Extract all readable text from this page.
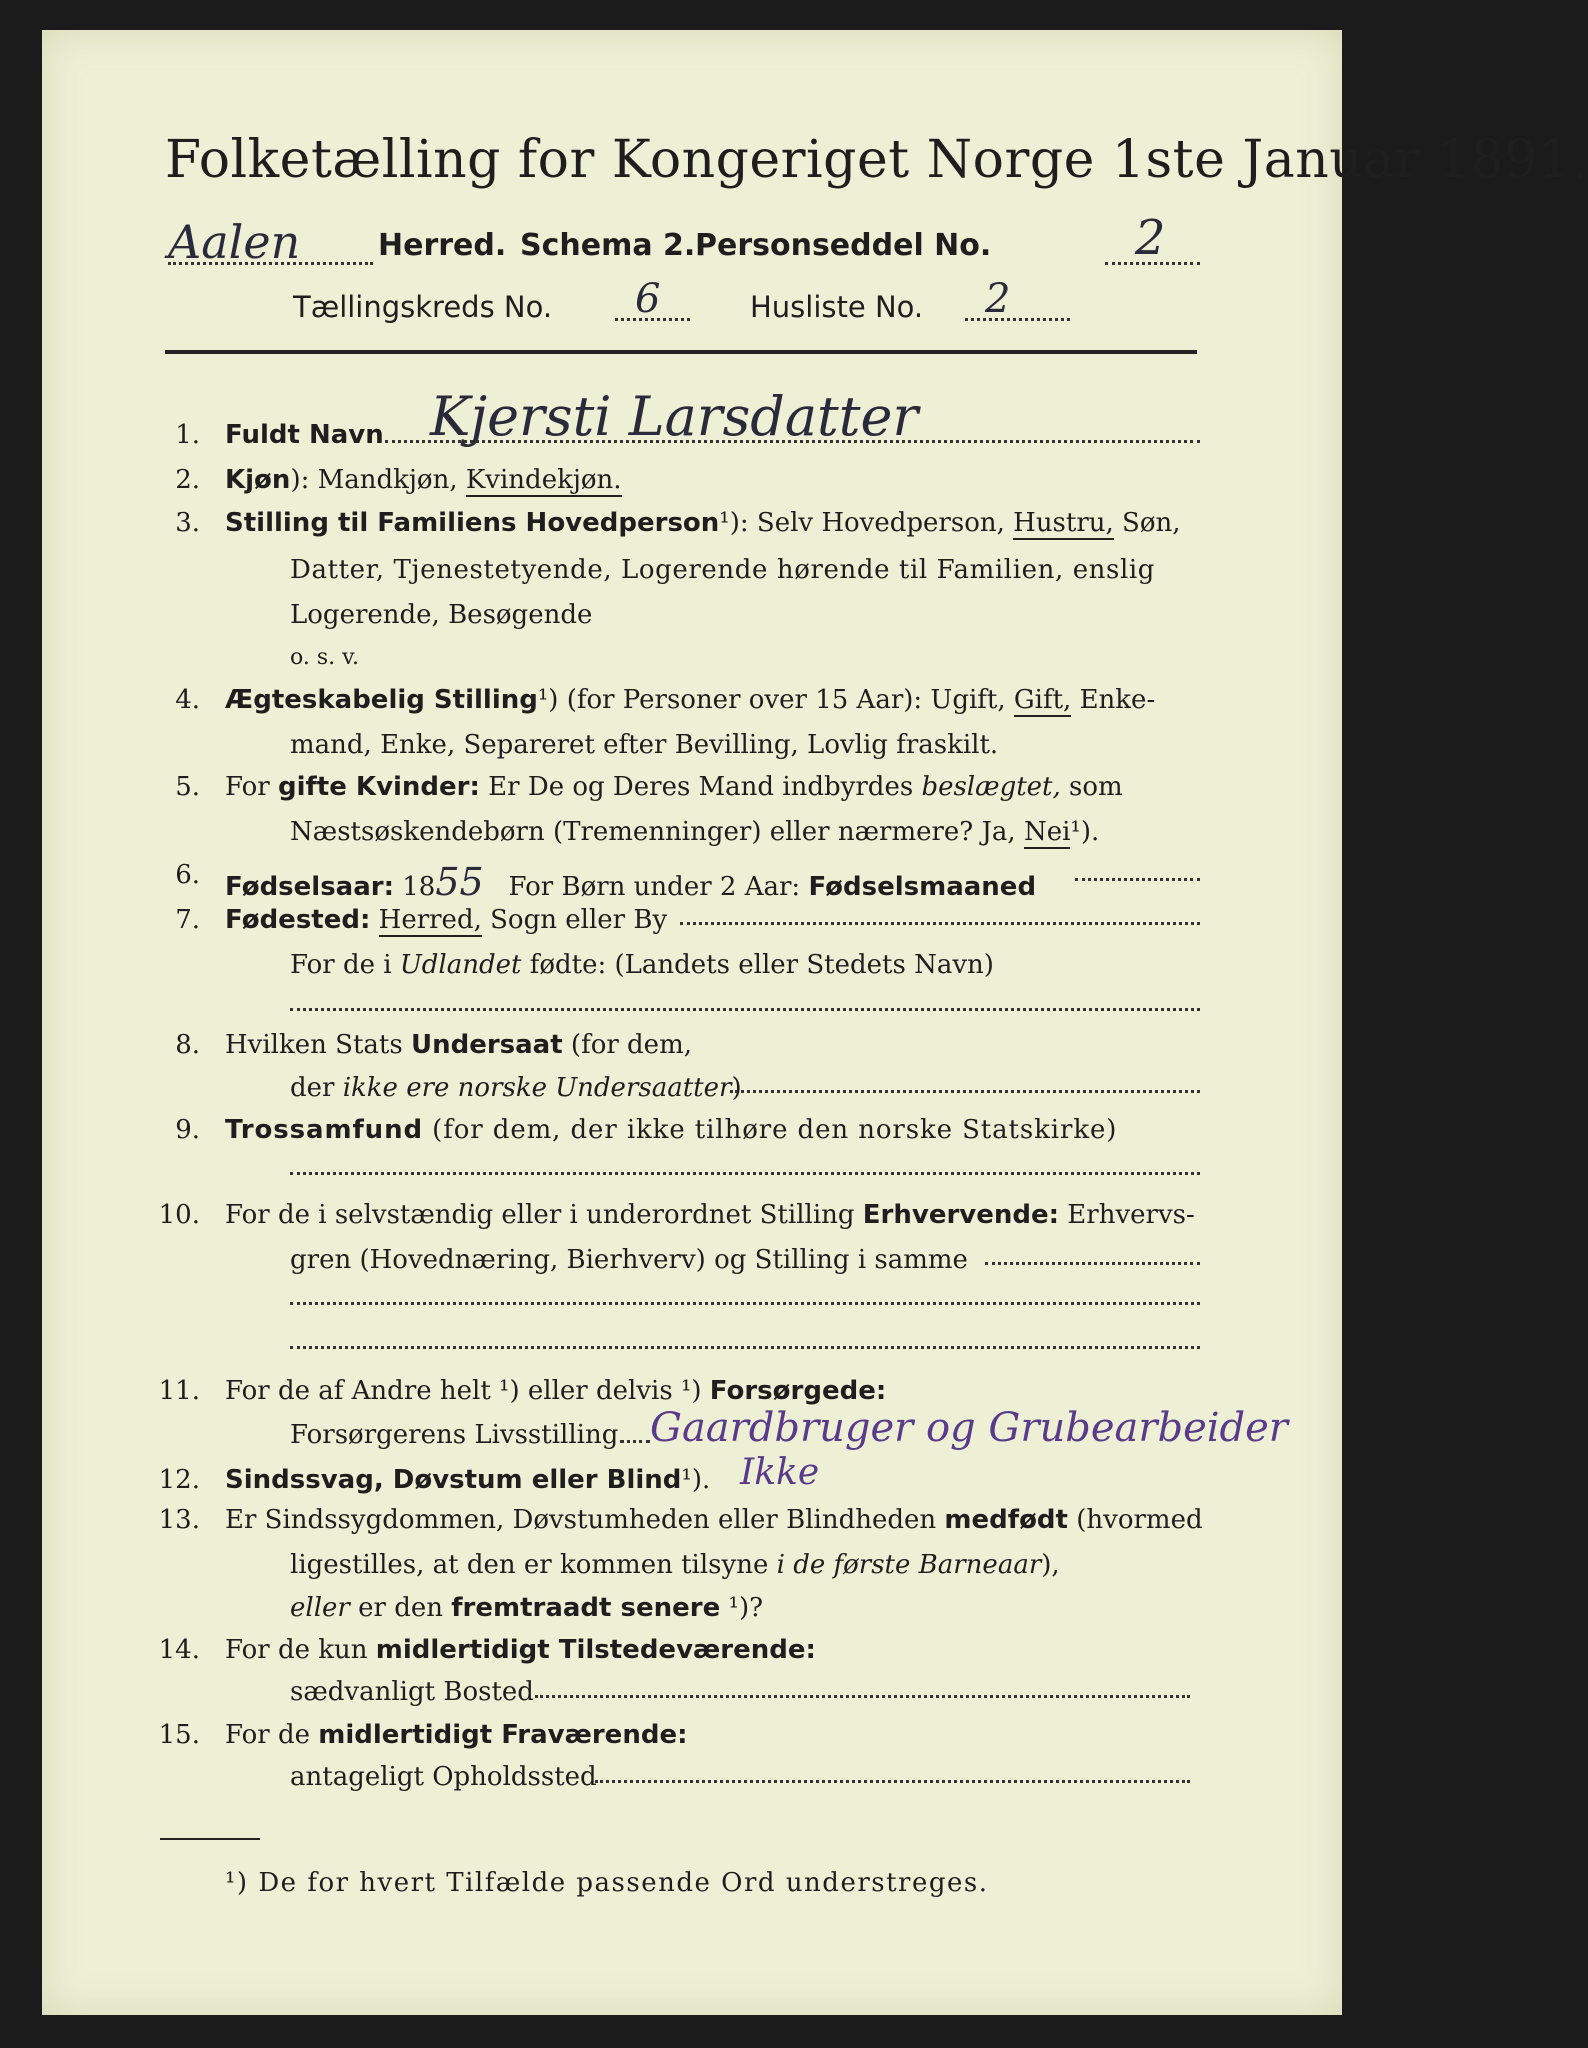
Folketælling for Kongeriget Norge 1ste Januar 1891.
Aalen	Herred. Schema 2. Personseddel No.	2
Tællingskreds No. 6	Husliste No. 2
1. Fuldt Navn Kjersti Larsdatter
2. Kjøn): Mandkjøn, Kvindekjøn.
3. Stilling til Familiens Hovedperson¹): Selv Hovedperson, Hustru, Søn,
Datter, Tjenestetyende, Logerende hørende til Familien, enslig
Logerende, Besøgende
o. s. v.
4. Ægteskabelig Stilling¹) (for Personer over 15 Aar): Ugift, Gift, Enke-
mand, Enke, Separeret efter Bevilling, Lovlig fraskilt.
5. For gifte Kvinder: Er De og Deres Mand indbyrdes beslægtet, som
Næstsøskendebørn (Tremenninger) eller nærmere? Ja, Nei¹).
6. Fødselsaar: 1855 For Børn under 2 Aar: Fødselsmaaned
7. Fødested: Herred, Sogn eller By
For de i Udlandet fødte: (Landets eller Stedets Navn)
8. Hvilken Stats Undersaat (for dem,
der ikke ere norske Undersaatter)
9. Trossamfund (for dem, der ikke tilhøre den norske Statskirke)
10. For de i selvstændig eller i underordnet Stilling Erhvervende: Erhvervs-
gren (Hovednæring, Bierhverv) og Stilling i samme
11. For de af Andre helt ¹) eller delvis ¹) Forsørgede:
Forsørgerens Livsstilling Gaardbruger og Grubearbeider
12. Sindssvag, Døvstum eller Blind¹). Ikke
13. Er Sindssygdommen, Døvstumheden eller Blindheden medfødt (hvormed
ligestilles, at den er kommen tilsyne i de første Barneaar),
eller er den fremtraadt senere ¹)?
14. For de kun midlertidigt Tilstedeværende:
sædvanligt Bosted
15. For de midlertidigt Fraværende:
antageligt Opholdssted
¹) De for hvert Tilfælde passende Ord understreges.
